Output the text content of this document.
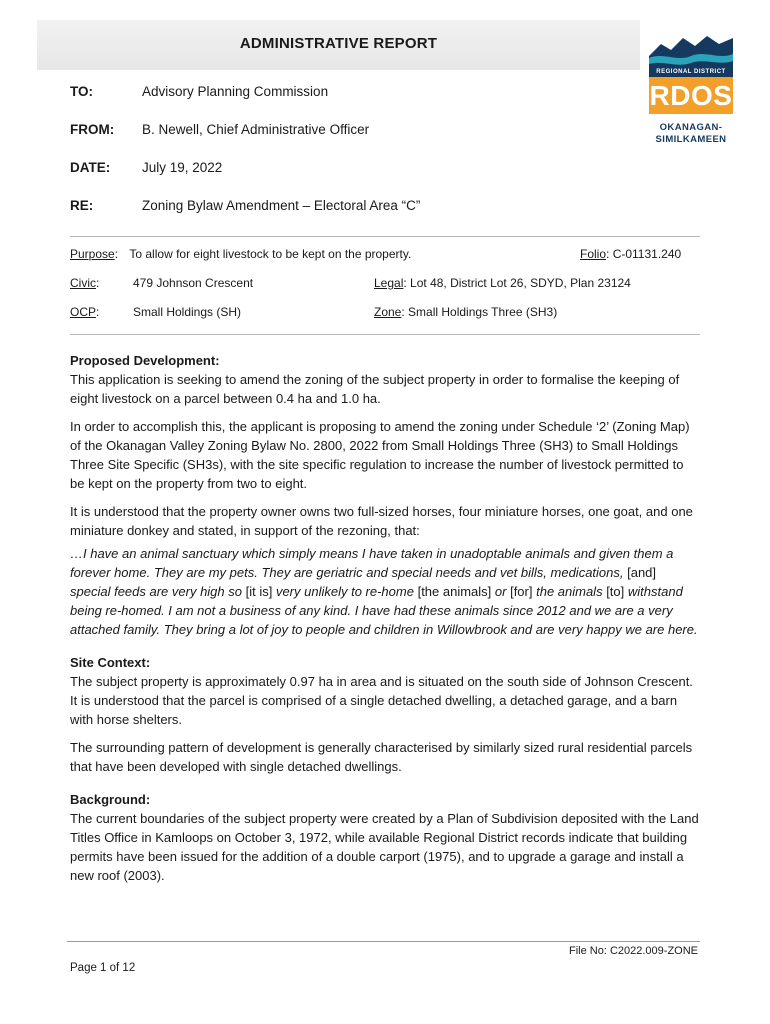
ADMINISTRATIVE REPORT
REGIONAL DISTRICT
RDOS
OKANAGAN-
SIMILKAMEEN
TO:	Advisory Planning Commission
FROM: B. Newell, Chief Administrative Officer
DATE: July 19, 2022
RE:	Zoning Bylaw Amendment – Electoral Area “C”
Purpose: To allow for eight livestock to be kept on the property.	Folio: C-01131.240
Civic:	479 Johnson Crescent	Legal: Lot 48, District Lot 26, SDYD, Plan 23124
OCP:	Small Holdings (SH)	Zone: Small Holdings Three (SH3)

Proposed Development:

This application is seeking to amend the zoning of the subject property in order to formalise the keeping of eight livestock on a parcel between 0.4 ha and 1.0 ha.

In order to accomplish this, the applicant is proposing to amend the zoning under Schedule ‘2’ (Zoning Map) of the Okanagan Valley Zoning Bylaw No. 2800, 2022 from Small Holdings Three (SH3) to Small Holdings Three Site Specific (SH3s), with the site specific regulation to increase the number of livestock permitted to be kept on the property from two to eight.

It is understood that the property owner owns two full-sized horses, four miniature horses, one goat, and one miniature donkey and stated, in support of the rezoning, that:

…I have an animal sanctuary which simply means I have taken in unadoptable animals and given them a forever home. They are my pets. They are geriatric and special needs and vet bills, medications, [and] special feeds are very high so [it is] very unlikely to re-home [the animals] or [for] the animals [to] withstand being re-homed. I am not a business of any kind. I have had these animals since 2012 and we are a very attached family. They bring a lot of joy to people and children in Willowbrook and are very happy we are here.

Site Context:

The subject property is approximately 0.97 ha in area and is situated on the south side of Johnson Crescent. It is understood that the parcel is comprised of a single detached dwelling, a detached garage, and a barn with horse shelters.

The surrounding pattern of development is generally characterised by similarly sized rural residential parcels that have been developed with single detached dwellings.

Background:

The current boundaries of the subject property were created by a Plan of Subdivision deposited with the Land Titles Office in Kamloops on October 3, 1972, while available Regional District records indicate that building permits have been issued for the addition of a double carport (1975), and to upgrade a garage and install a new roof (2003).

File No: C2022.009-ZONE
Page 1 of 12
